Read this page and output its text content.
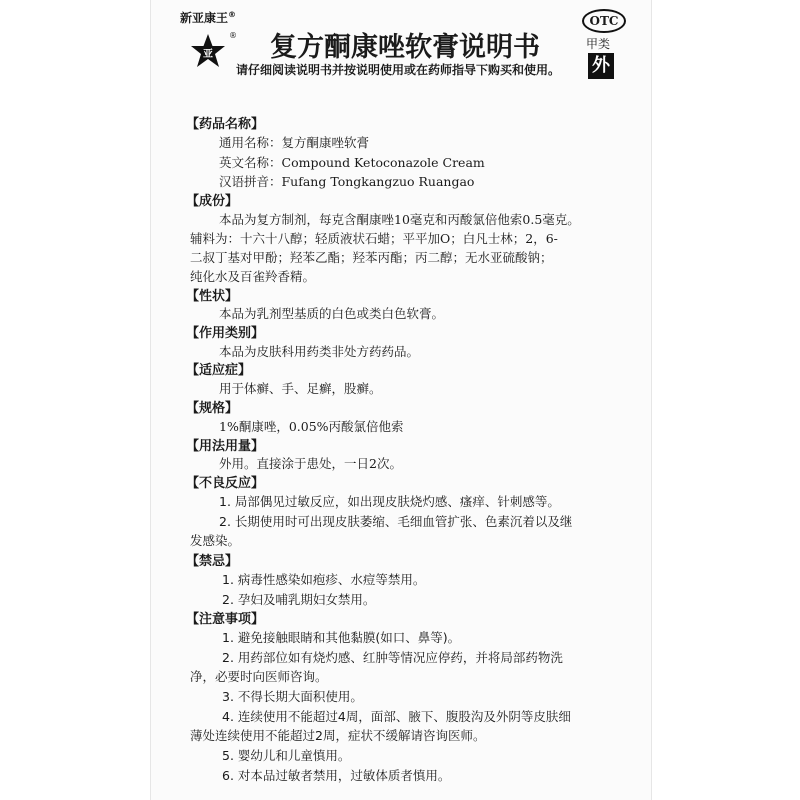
新亚康王®
亚
® 复方酮康唑软膏说明书
请仔细阅读说明书并按说明使用或在药师指导下购买和使用。
OTC
甲类
外
【药品名称】
通用名称：复方酮康唑软膏
英文名称：Compound Ketoconazole Cream
汉语拼音：Fufang Tongkangzuo Ruangao
【成份】
本品为复方制剂，每克含酮康唑10毫克和丙酸氯倍他索0.5毫克。
辅料为：十六十八醇；轻质液状石蜡；平平加O；白凡士林；2，6-
二叔丁基对甲酚；羟苯乙酯；羟苯丙酯；丙二醇；无水亚硫酸钠；
纯化水及百雀羚香精。
【性状】
本品为乳剂型基质的白色或类白色软膏。
【作用类别】
本品为皮肤科用药类非处方药药品。
【适应症】
用于体癣、手、足癣，股癣。
【规格】
1%酮康唑，0.05%丙酸氯倍他索
【用法用量】
外用。直接涂于患处，一日2次。
【不良反应】
1. 局部偶见过敏反应，如出现皮肤烧灼感、瘙痒、针刺感等。
2. 长期使用时可出现皮肤萎缩、毛细血管扩张、色素沉着以及继
发感染。
【禁忌】
1. 病毒性感染如疱疹、水痘等禁用。
2. 孕妇及哺乳期妇女禁用。
【注意事项】
1. 避免接触眼睛和其他黏膜(如口、鼻等)。
2. 用药部位如有烧灼感、红肿等情况应停药，并将局部药物洗
净，必要时向医师咨询。
3. 不得长期大面积使用。
4. 连续使用不能超过4周，面部、腋下、腹股沟及外阴等皮肤细
薄处连续使用不能超过2周，症状不缓解请咨询医师。
5. 婴幼儿和儿童慎用。
6. 对本品过敏者禁用，过敏体质者慎用。
